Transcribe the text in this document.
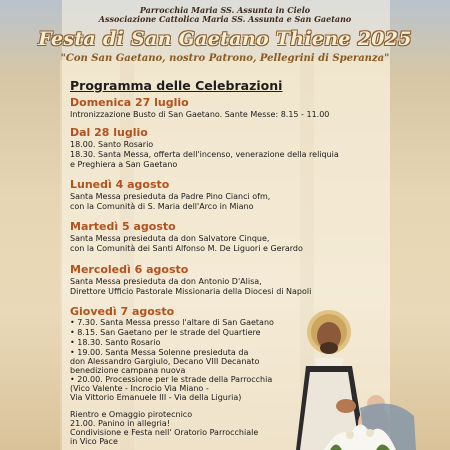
Parrocchia Maria SS. Assunta in Cielo
Associazione Cattolica Maria SS. Assunta e San Gaetano
Festa di San Gaetano Thiene 2025
"Con San Gaetano, nostro Patrono, Pellegrini di Speranza"
Programma delle Celebrazioni
Domenica 27 luglio
Intronizzazione Busto di San Gaetano. Sante Messe: 8.15 - 11.00
Dal 28 luglio
18.00. Santo Rosario
18.30. Santa Messa, offerta dell'incenso, venerazione della reliquia
e Preghiera a San Gaetano
Lunedì 4 agosto
Santa Messa presieduta da Padre Pino Cianci ofm,
con la Comunità di S. Maria dell'Arco in Miano
Martedì 5 agosto
Santa Messa presieduta da don Salvatore Cinque,
con la Comunità dei Santi Alfonso M. De Liguori e Gerardo
Mercoledì 6 agosto
Santa Messa presieduta da don Antonio D'Alisa,
Direttore Ufficio Pastorale Missionaria della Diocesi di Napoli
Giovedì 7 agosto
• 7.30. Santa Messa presso l'altare di San Gaetano
• 8.15. San Gaetano per le strade del Quartiere
• 18.30. Santo Rosario
• 19.00. Santa Messa Solenne presieduta da
don Alessandro Gargiulo, Decano VIII Decanato
benedizione campana nuova
• 20.00. Processione per le strade della Parrocchia
(Vico Valente - Incrocio Via Miano -
Via Vittorio Emanuele III - Via della Liguria)
Rientro e Omaggio pirotecnico
21.00. Panino in allegria!
Condivisione e Festa nell' Oratorio Parrocchiale
in Vico Pace
